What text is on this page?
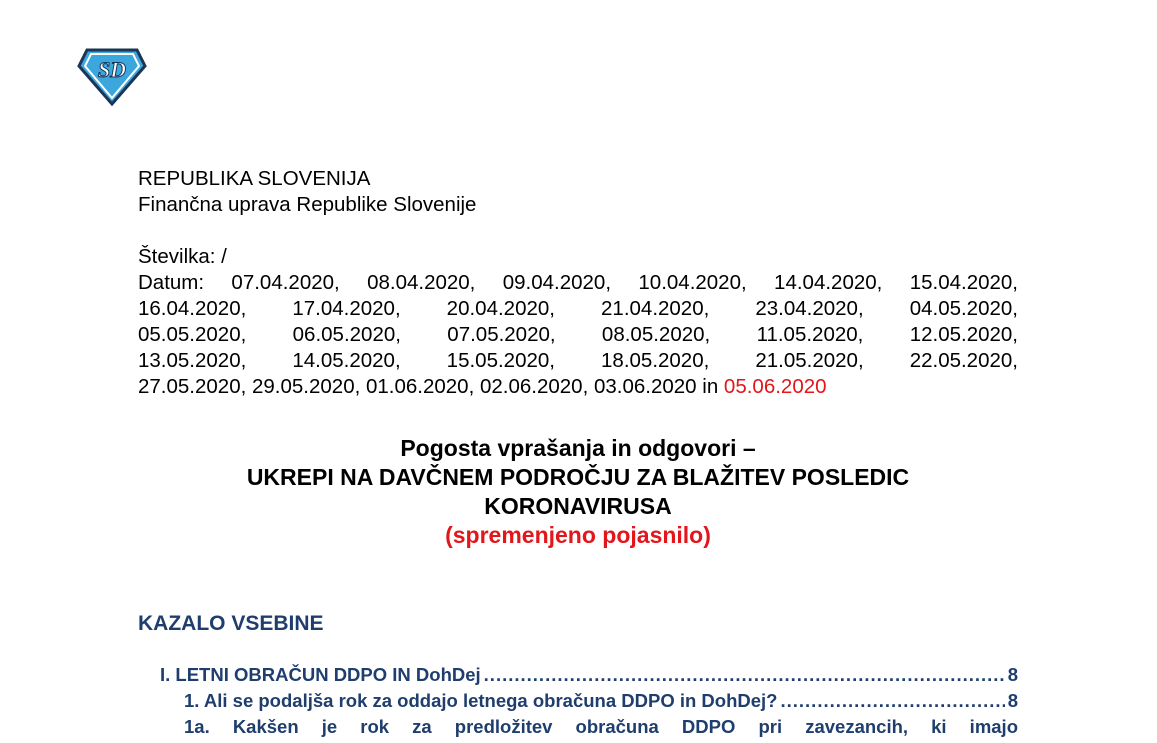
SD
REPUBLIKA SLOVENIJA
Finančna uprava Republike Slovenije
Številka: /
Datum: 07.04.2020, 08.04.2020, 09.04.2020, 10.04.2020, 14.04.2020, 15.04.2020,
16.04.2020, 17.04.2020, 20.04.2020, 21.04.2020, 23.04.2020, 04.05.2020,
05.05.2020, 06.05.2020, 07.05.2020, 08.05.2020, 11.05.2020, 12.05.2020,
13.05.2020, 14.05.2020, 15.05.2020, 18.05.2020, 21.05.2020, 22.05.2020,
27.05.2020, 29.05.2020, 01.06.2020, 02.06.2020, 03.06.2020 in 05.06.2020
Pogosta vprašanja in odgovori –
UKREPI NA DAVČNEM PODROČJU ZA BLAŽITEV POSLEDIC
KORONAVIRUSA
(spremenjeno pojasnilo)
KAZALO VSEBINE
I. LETNI OBRAČUN DDPO IN DohDej .....	8
1. Ali se podaljša rok za oddajo letnega obračuna DDPO in DohDej? .....	8
1a. Kakšen je rok za predložitev obračuna DDPO pri zavezancih, ki imajo
